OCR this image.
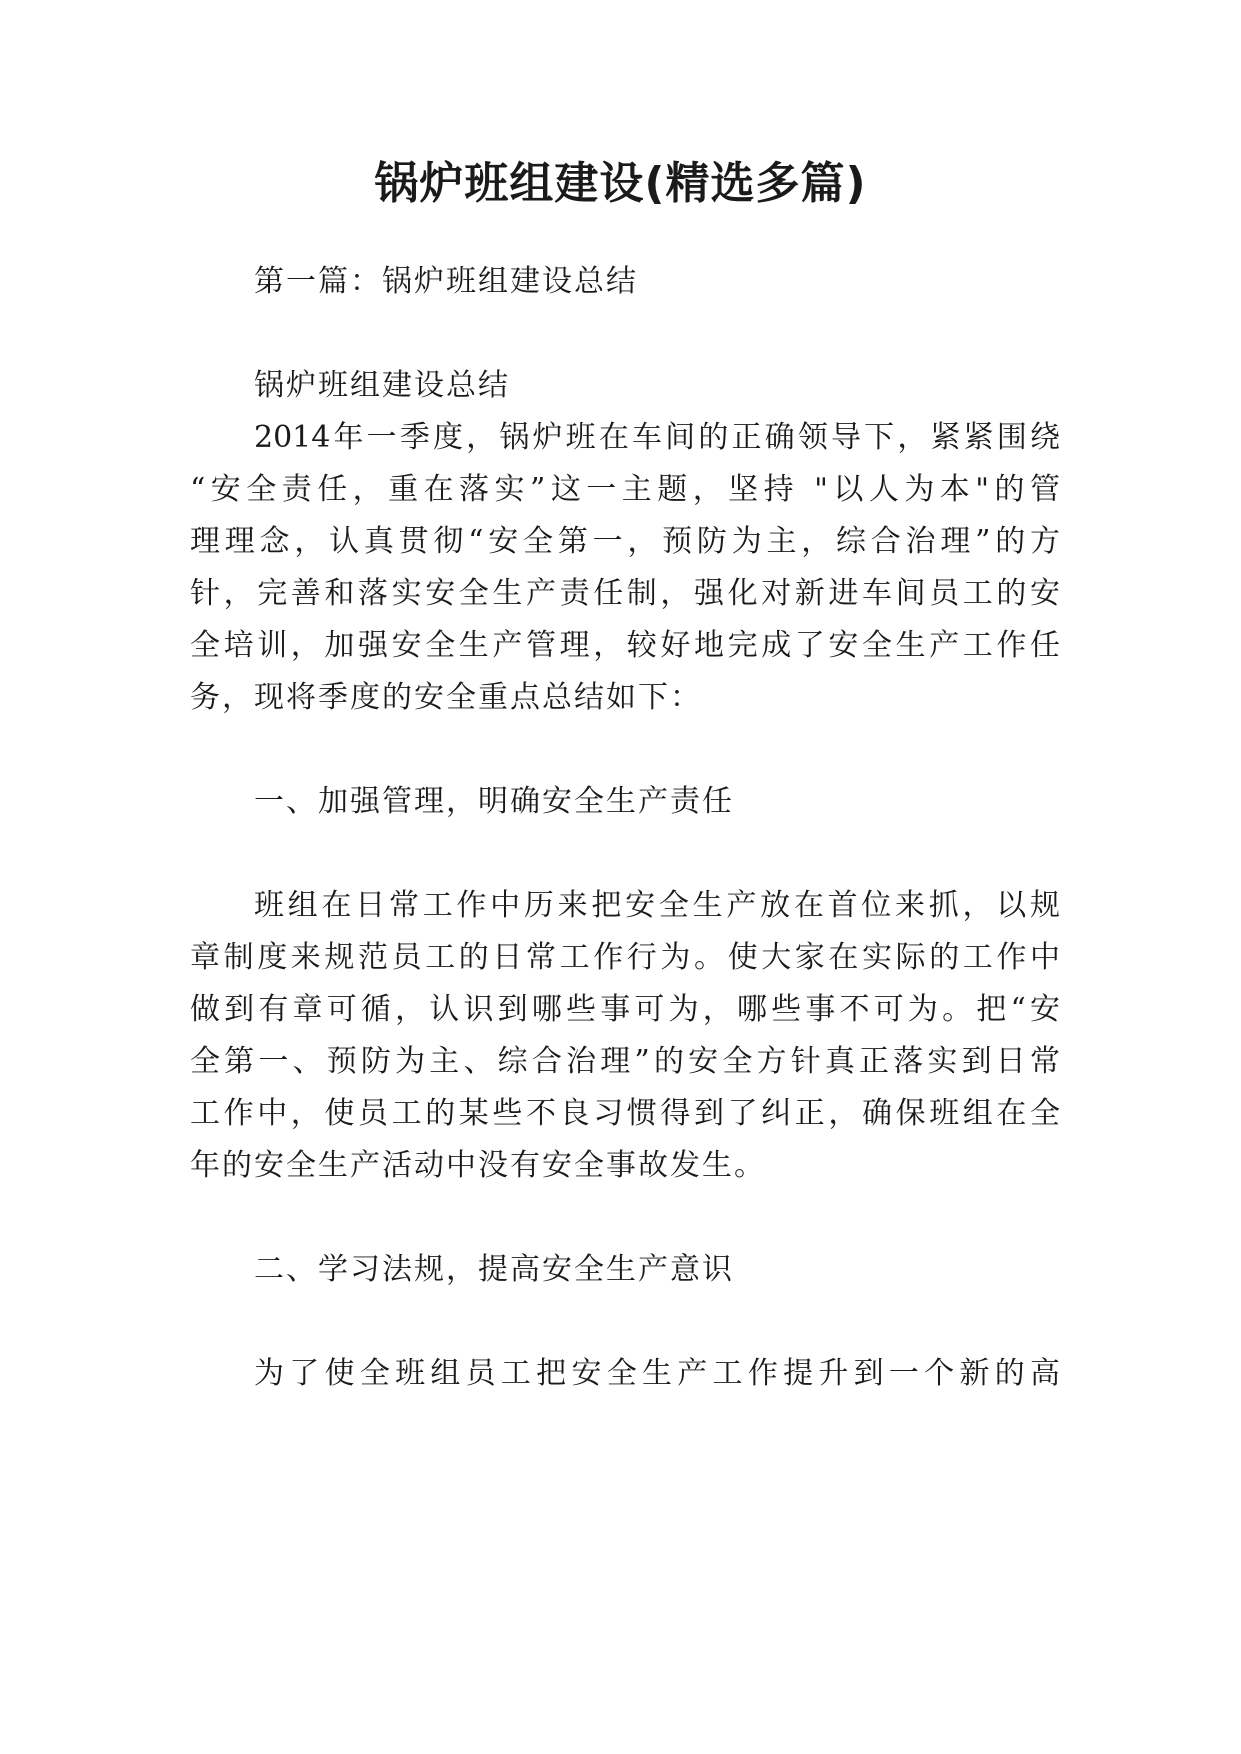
锅炉班组建设(精选多篇)
第一篇：锅炉班组建设总结
锅炉班组建设总结
2014年一季度，锅炉班在车间的正确领导下，紧紧围绕
“安全责任，重在落实”这一主题，坚持 "以人为本"的管
理理念，认真贯彻“安全第一，预防为主，综合治理”的方
针，完善和落实安全生产责任制，强化对新进车间员工的安
全培训，加强安全生产管理，较好地完成了安全生产工作任
务，现将季度的安全重点总结如下：
一、加强管理，明确安全生产责任
班组在日常工作中历来把安全生产放在首位来抓，以规
章制度来规范员工的日常工作行为。使大家在实际的工作中
做到有章可循，认识到哪些事可为，哪些事不可为。把“安
全第一、预防为主、综合治理”的安全方针真正落实到日常
工作中，使员工的某些不良习惯得到了纠正，确保班组在全
年的安全生产活动中没有安全事故发生。
二、学习法规，提高安全生产意识
为了使全班组员工把安全生产工作提升到一个新的高
